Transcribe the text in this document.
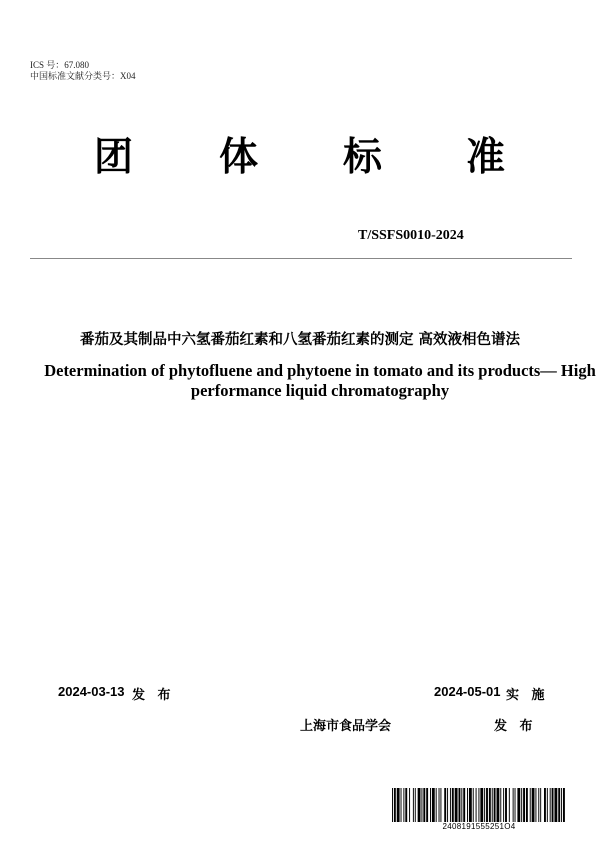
ICS 号：67.080
中国标准文献分类号：X04
团 体 标 准
T/SSFS0010-2024
番茄及其制品中六氢番茄红素和八氢番茄红素的测定 高效液相色谱法
Determination of phytofluene and phytoene in tomato and its products— High
performance liquid chromatography
2024-03-13 发 布	2024-05-01 实 施
上海市食品学会	发 布
2408191555251O4
